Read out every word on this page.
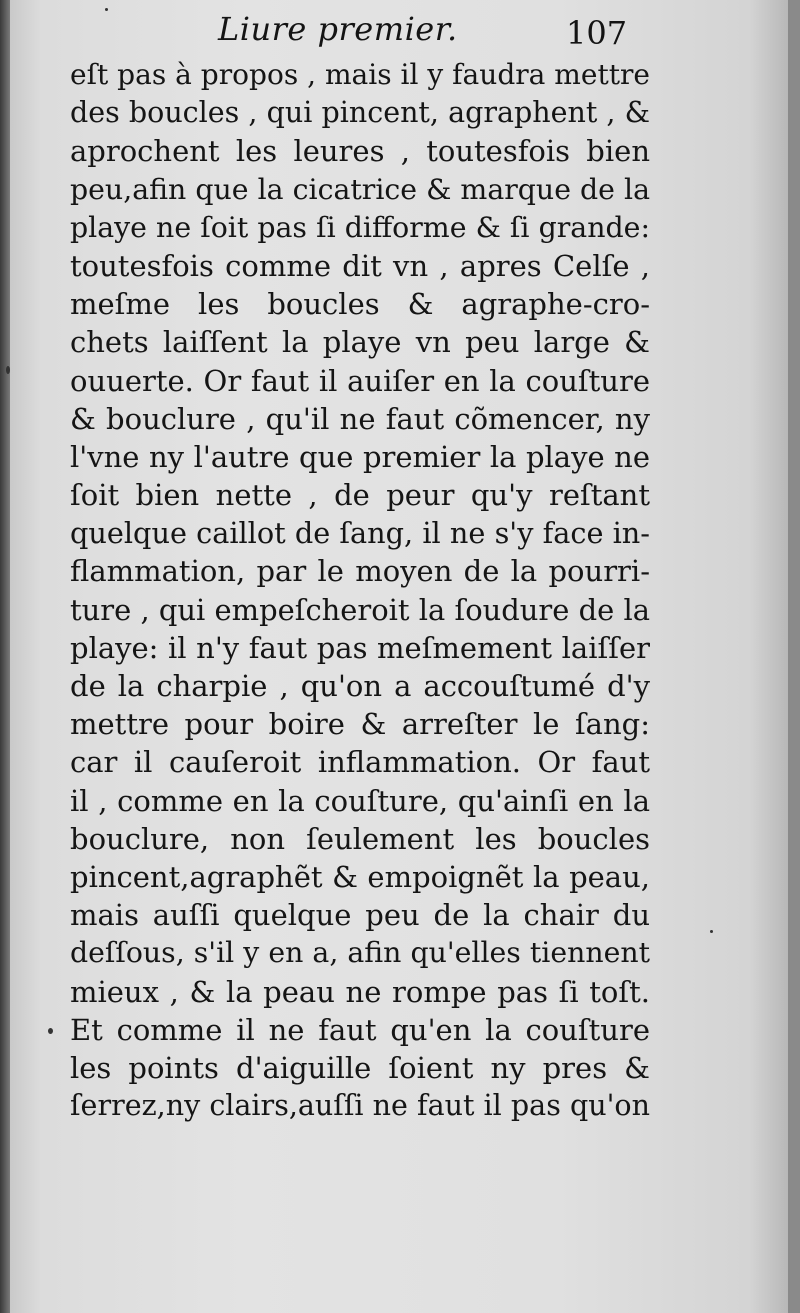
Liure premier.	107
eſt pas à propos , mais il y faudra mettre
des boucles , qui pincent, agraphent , &
aprochent les leures , toutesfois bien
peu,afin que la cicatrice & marque de la
playe ne ſoit pas ſi difforme & ſi grande:
toutesfois comme dit vn , apres Celſe ,
meſme les boucles & agraphe-cro-
chets laiſſent la playe vn peu large &
ouuerte. Or faut il auiſer en la couſture
& bouclure , qu'il ne faut cõmencer, ny
l'vne ny l'autre que premier la playe ne
ſoit bien nette , de peur qu'y reſtant
quelque caillot de ſang, il ne s'y face in-
flammation, par le moyen de la pourri-
ture , qui empeſcheroit la ſoudure de la
playe: il n'y faut pas meſmement laiſſer
de la charpie , qu'on a accouſtumé d'y
mettre pour boire & arreſter le ſang:
car il cauſeroit inflammation. Or faut
il , comme en la couſture, qu'ainſi en la
bouclure, non ſeulement les boucles
pincent,agraphẽt & empoignẽt la peau,
mais auſſi quelque peu de la chair du
deſſous, s'il y en a, afin qu'elles tiennent
mieux , & la peau ne rompe pas ſi toſt.
Et comme il ne faut qu'en la couſture
les points d'aiguille ſoient ny pres &
ſerrez,ny clairs,auſſi ne faut il pas qu'on
